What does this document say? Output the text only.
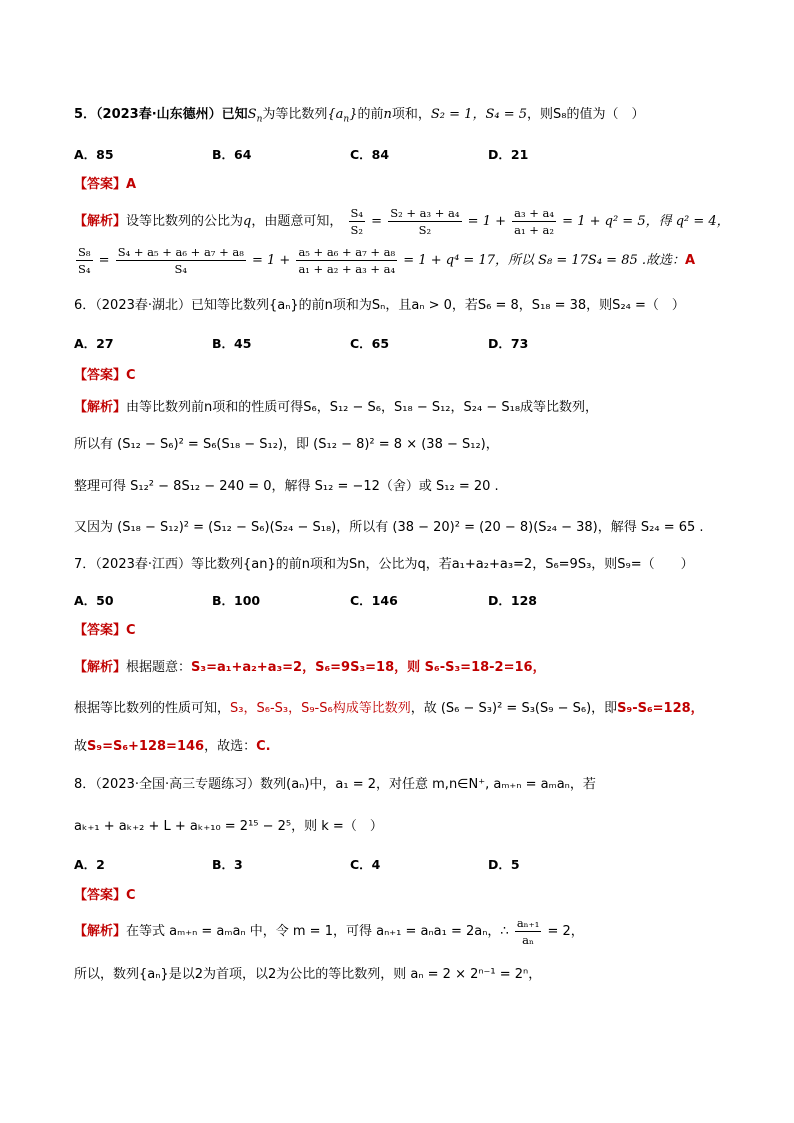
5．（2023春·山东德州）已知$S_n$为等比数列$\{a_n\}$的前n项和，S₂ = 1，S₄ = 5，则S₈的值为（　）
A．85	B．64	C．84	D．21
【答案】A
【解析】设等比数列的公比为q，由题意可知， $\frac{\text{S₄}}{\text{S₂}} = \frac{\text{S₂ + a₃ + a₄}}{\text{S₂}} = 1 + \frac{\text{a₃ + a₄}}{\text{a₁ + a₂}} = 1 + q^2 = 5$，得 q² = 4，
$\frac{\text{S₈}}{\text{S₄}} = \frac{\text{S₄ + a₅ + a₆ + a₇ + a₈}}{\text{S₄}} = 1 + \frac{\text{a₅ + a₆ + a₇ + a₈}}{\text{a₁ + a₂ + a₃ + a₄}} = 1 + q^4 = 17$，所以 S₈ = 17S₄ = 85 .故选：A
6．（2023春·湖北）已知等比数列{aₙ}的前n项和为Sₙ，且aₙ > 0，若S₆ = 8，S₁₈ = 38，则S₂₄ =（　）
A．27	B．45	C．65	D．73
【答案】C
【解析】由等比数列前n项和的性质可得S₆，S₁₂ − S₆，S₁₈ − S₁₂，S₂₄ − S₁₈成等比数列，
所以有 (S₁₂ − S₆)² = S₆(S₁₈ − S₁₂)，即 (S₁₂ − 8)² = 8 × (38 − S₁₂)，
整理可得 S₁₂² − 8S₁₂ − 240 = 0，解得 S₁₂ = −12（舍）或 S₁₂ = 20 .
又因为 (S₁₈ − S₁₂)² = (S₁₂ − S₆)(S₂₄ − S₁₈)，所以有 (38 − 20)² = (20 − 8)(S₂₄ − 38)，解得 S₂₄ = 65 .
7．（2023春·江西）等比数列{an}的前n项和为Sn，公比为q，若a₁+a₂+a₃=2，S₆=9S₃，则S₉=（　　）
A．50	B．100	C．146	D．128
【答案】C
【解析】根据题意：S₃=a₁+a₂+a₃=2，S₆=9S₃=18，则 S₆-S₃=18-2=16，
根据等比数列的性质可知，S₃，S₆-S₃，S₉-S₆构成等比数列，故 (S₆ − S₃)² = S₃(S₉ − S₆)，即S₉-S₆=128，
故S₉=S₆+128=146，故选：C.
8．（2023·全国·高三专题练习）数列(aₙ)中，a₁ = 2，对任意 m,n∈N⁺, aₘ₊ₙ = aₘaₙ，若
aₖ₊₁ + aₖ₊₂ + L + aₖ₊₁₀ = 2¹⁵ − 2⁵，则 k =（　）
A．2	B．3	C．4	D．5
【答案】C
【解析】在等式 aₘ₊ₙ = aₘaₙ 中，令 m = 1，可得 aₙ₊₁ = aₙa₁ = 2aₙ，∴ $\frac{\text{aₙ₊₁}}{\text{aₙ}} = 2$，
所以，数列{aₙ}是以2为首项，以2为公比的等比数列，则 aₙ = 2 × 2ⁿ⁻¹ = 2ⁿ，
